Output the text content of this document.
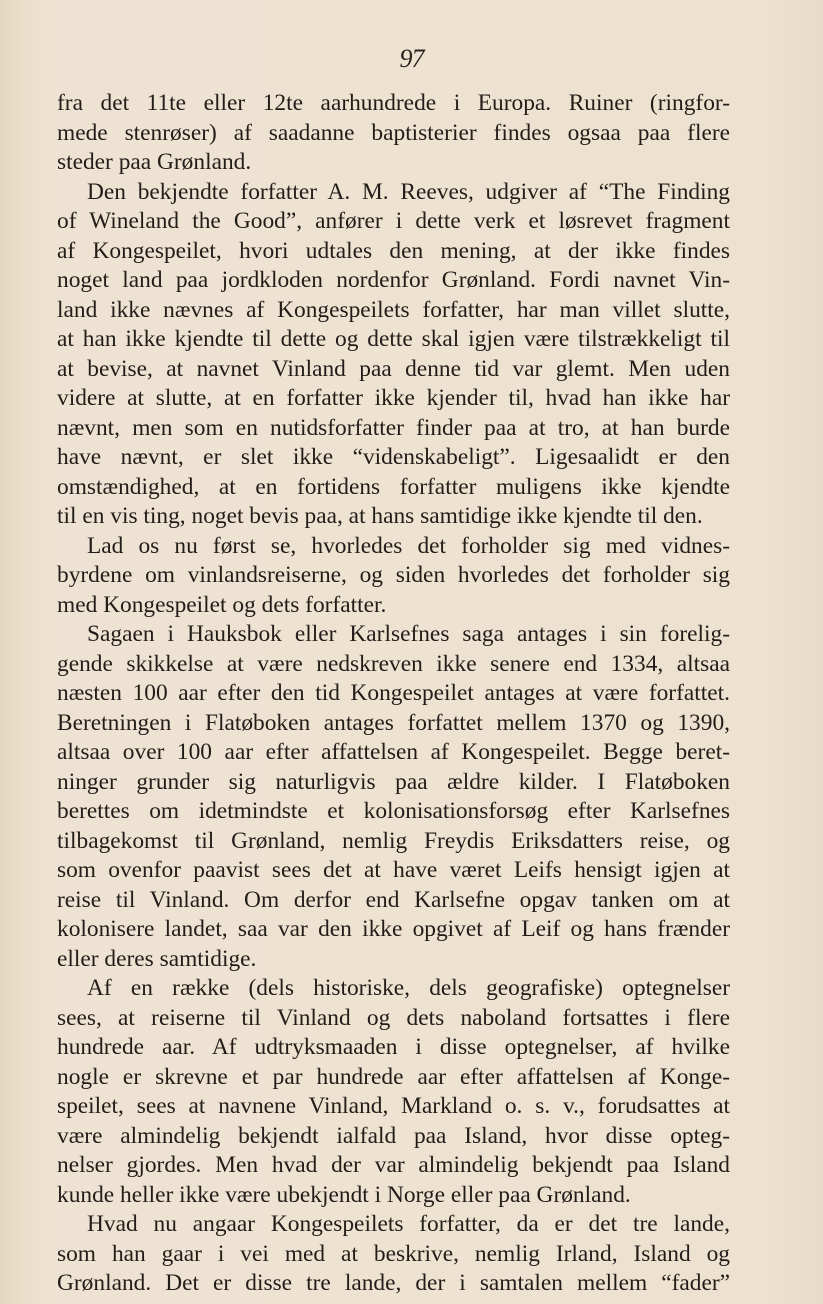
97
fra det 11te eller 12te aarhundrede i Europa. Ruiner (ringfor-
mede stenrøser) af saadanne baptisterier findes ogsaa paa flere
steder paa Grønland.
Den bekjendte forfatter A. M. Reeves, udgiver af “The Finding
of Wineland the Good”, anfører i dette verk et løsrevet fragment
af Kongespeilet, hvori udtales den mening, at der ikke findes
noget land paa jordkloden nordenfor Grønland. Fordi navnet Vin-
land ikke nævnes af Kongespeilets forfatter, har man villet slutte,
at han ikke kjendte til dette og dette skal igjen være tilstrækkeligt til
at bevise, at navnet Vinland paa denne tid var glemt. Men uden
videre at slutte, at en forfatter ikke kjender til, hvad han ikke har
nævnt, men som en nutidsforfatter finder paa at tro, at han burde
have nævnt, er slet ikke “videnskabeligt”. Ligesaalidt er den
omstændighed, at en fortidens forfatter muligens ikke kjendte
til en vis ting, noget bevis paa, at hans samtidige ikke kjendte til den.
Lad os nu først se, hvorledes det forholder sig med vidnes-
byrdene om vinlandsreiserne, og siden hvorledes det forholder sig
med Kongespeilet og dets forfatter.
Sagaen i Hauksbok eller Karlsefnes saga antages i sin forelig-
gende skikkelse at være nedskreven ikke senere end 1334, altsaa
næsten 100 aar efter den tid Kongespeilet antages at være forfattet.
Beretningen i Flatøboken antages forfattet mellem 1370 og 1390,
altsaa over 100 aar efter affattelsen af Kongespeilet. Begge beret-
ninger grunder sig naturligvis paa ældre kilder. I Flatøboken
berettes om idetmindste et kolonisationsforsøg efter Karlsefnes
tilbagekomst til Grønland, nemlig Freydis Eriksdatters reise, og
som ovenfor paavist sees det at have været Leifs hensigt igjen at
reise til Vinland. Om derfor end Karlsefne opgav tanken om at
kolonisere landet, saa var den ikke opgivet af Leif og hans frænder
eller deres samtidige.
Af en række (dels historiske, dels geografiske) optegnelser
sees, at reiserne til Vinland og dets naboland fortsattes i flere
hundrede aar. Af udtryksmaaden i disse optegnelser, af hvilke
nogle er skrevne et par hundrede aar efter affattelsen af Konge-
speilet, sees at navnene Vinland, Markland o. s. v., forudsattes at
være almindelig bekjendt ialfald paa Island, hvor disse opteg-
nelser gjordes. Men hvad der var almindelig bekjendt paa Island
kunde heller ikke være ubekjendt i Norge eller paa Grønland.
Hvad nu angaar Kongespeilets forfatter, da er det tre lande,
som han gaar i vei med at beskrive, nemlig Irland, Island og
Grønland. Det er disse tre lande, der i samtalen mellem “fader”
